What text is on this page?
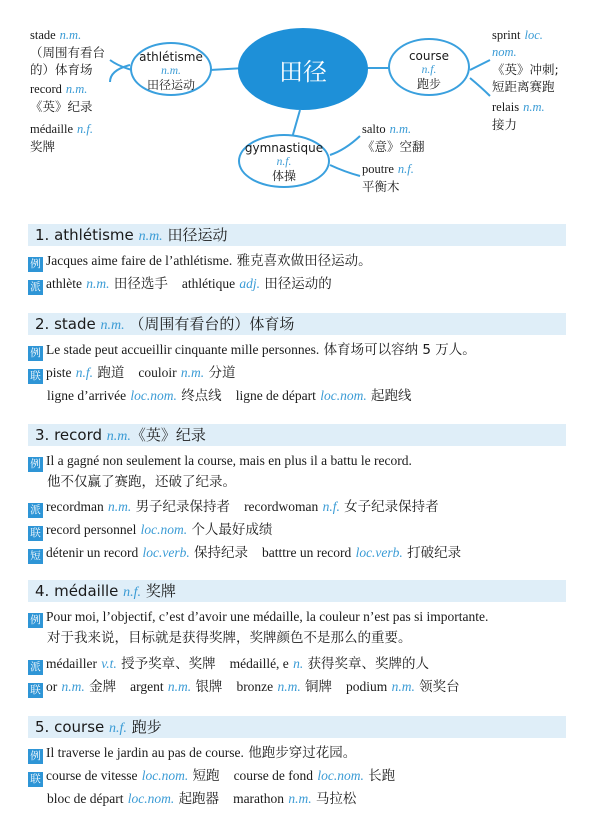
田径
athlétisme
n.m.
田径运动
course
n.f.
跑步
gymnastique
n.f.
体操
stade n.m.
（周围有看台
的）体育场
record n.m.
《英》纪录
médaille n.f.
奖牌
sprint loc.
nom.
《英》冲刺;
短距离赛跑
relais n.m.
接力
salto n.m.
《意》空翻
poutre n.f.
平衡木
1. athlétisme n.m. 田径运动
例 Jacques aime faire de l’athlétisme. 雅克喜欢做田径运动。
派 athlète n.m. 田径选手 athlétique adj. 田径运动的
2. stade n.m. （周围有看台的）体育场
例 Le stade peut accueillir cinquante mille personnes. 体育场可以容纳 5 万人。
联 piste n.f. 跑道 couloir n.m. 分道
ligne d’arrivée loc.nom. 终点线 ligne de départ loc.nom. 起跑线
3. record n.m.《英》纪录
例 Il a gagné non seulement la course, mais en plus il a battu le record.
他不仅赢了赛跑，还破了纪录。
派 recordman n.m. 男子纪录保持者 recordwoman n.f. 女子纪录保持者
联 record personnel loc.nom. 个人最好成绩
短 détenir un record loc.verb. 保持纪录 batttre un record loc.verb. 打破纪录
4. médaille n.f. 奖牌
例 Pour moi, l’objectif, c’est d’avoir une médaille, la couleur n’est pas si importante.
对于我来说，目标就是获得奖牌，奖牌颜色不是那么的重要。
派 médailler v.t. 授予奖章、奖牌 médaillé, e n. 获得奖章、奖牌的人
联 or n.m. 金牌 argent n.m. 银牌 bronze n.m. 铜牌 podium n.m. 领奖台
5. course n.f. 跑步
例 Il traverse le jardin au pas de course. 他跑步穿过花园。
联 course de vitesse loc.nom. 短跑 course de fond loc.nom. 长跑
bloc de départ loc.nom. 起跑器 marathon n.m. 马拉松
